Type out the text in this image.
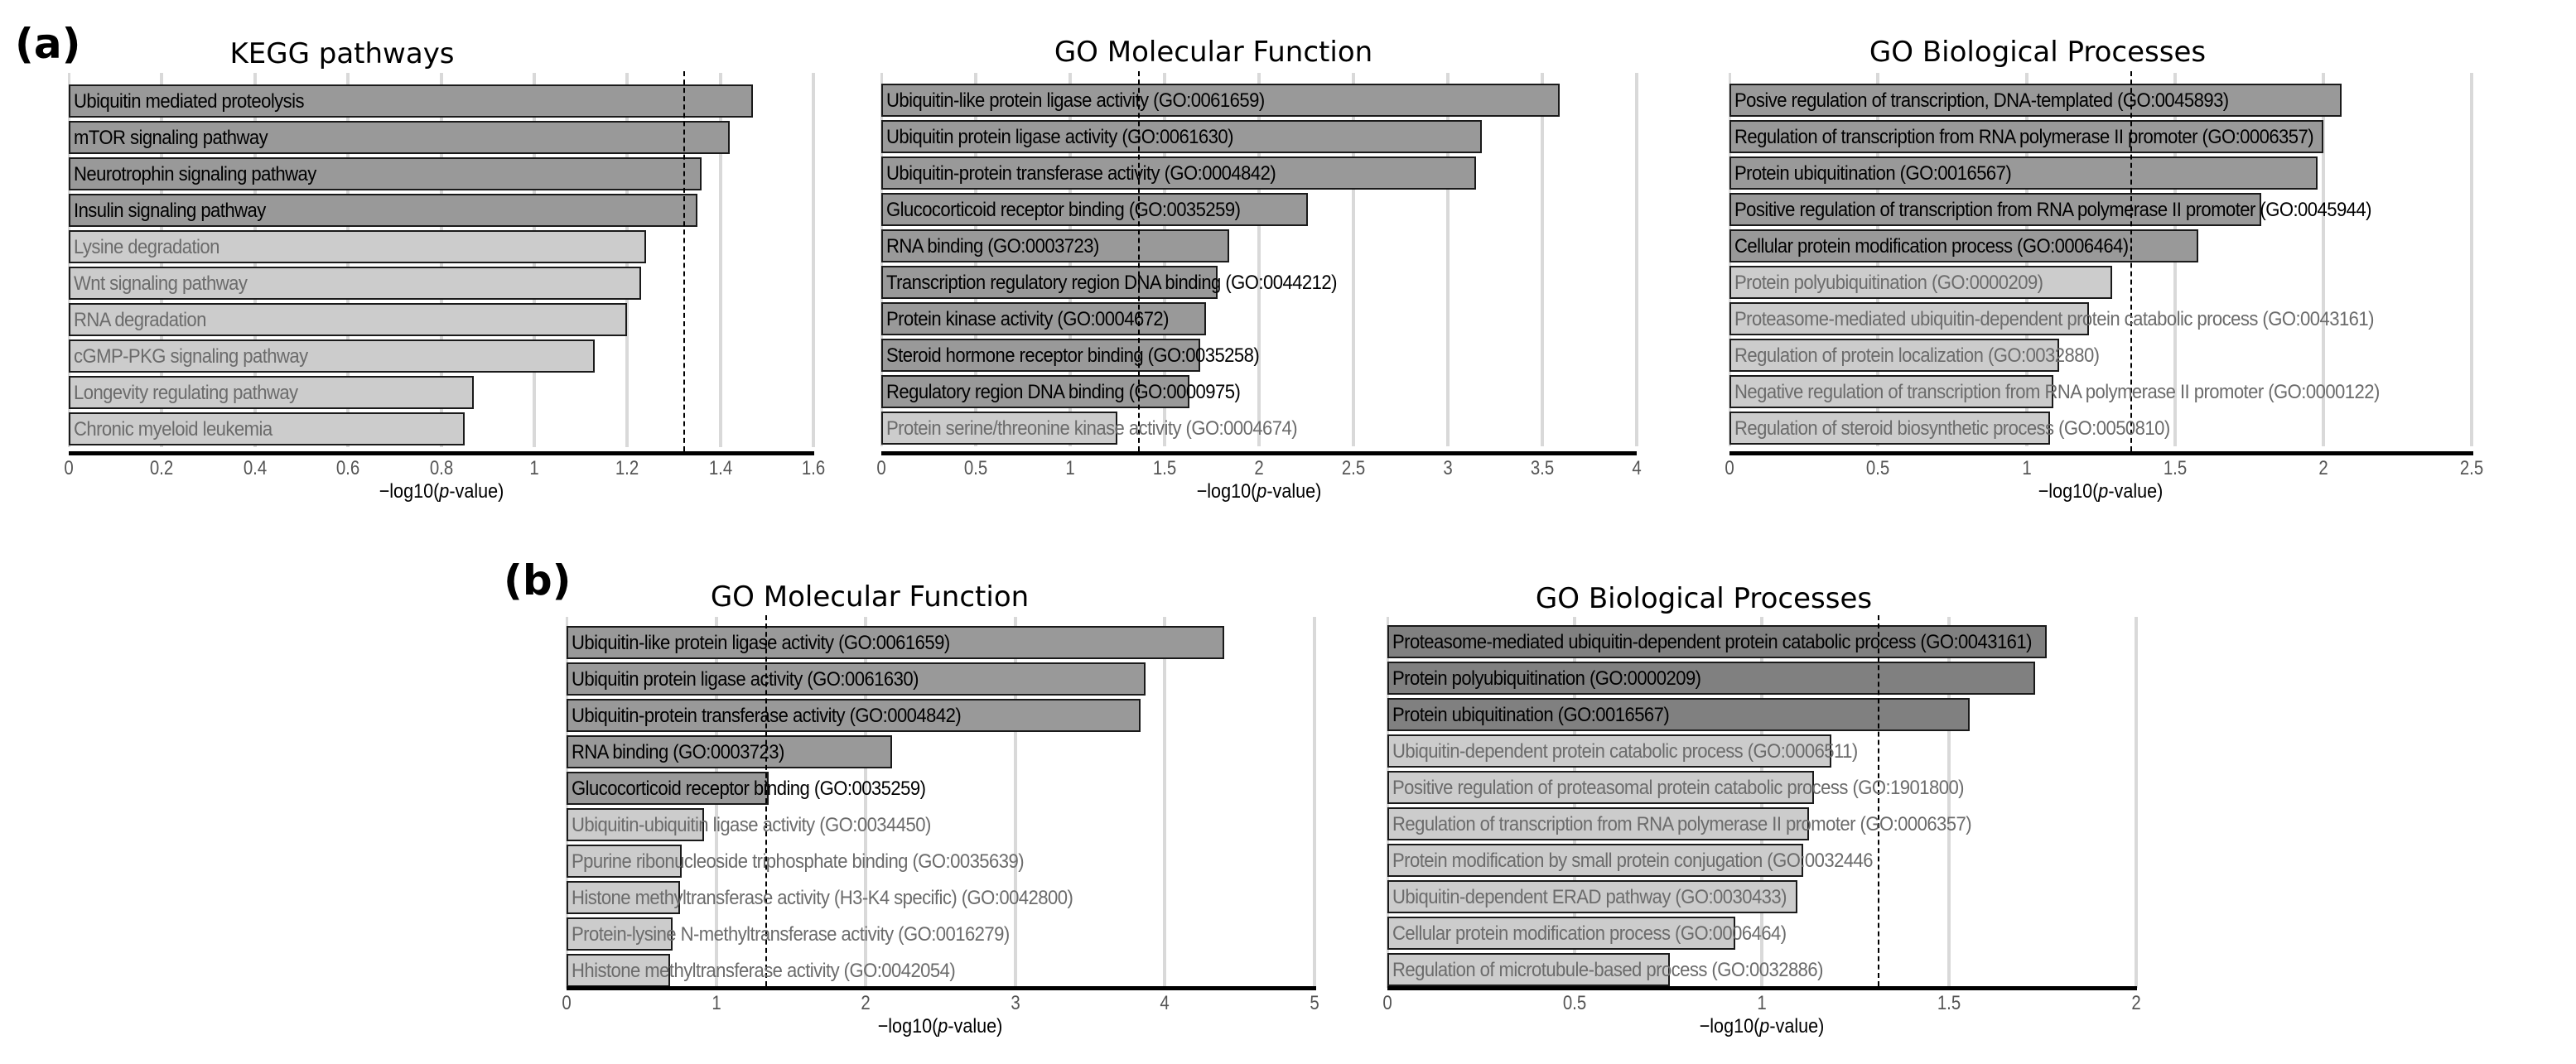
(a)
(b)
KEGG pathways
Ubiquitin mediated proteolysis
mTOR signaling pathway
Neurotrophin signaling pathway
Insulin signaling pathway
Lysine degradation
Wnt signaling pathway
RNA degradation
cGMP-PKG signaling pathway
Longevity regulating pathway
Chronic myeloid leukemia
0	0.2	0.4	0.6	0.8	1	1.2	1.4	1.6
−log10(p-value)
GO Molecular Function
Ubiquitin-like protein ligase activity (GO:0061659)
Ubiquitin protein ligase activity (GO:0061630)
Ubiquitin-protein transferase activity (GO:0004842)
Glucocorticoid receptor binding (GO:0035259)
RNA binding (GO:0003723)
Transcription regulatory region DNA binding (GO:0044212)
Protein kinase activity (GO:0004672)
Steroid hormone receptor binding (GO:0035258)
Regulatory region DNA binding (GO:0000975)
Protein serine/threonine kinase activity (GO:0004674)
0	0.5	1	1.5	2	2.5	3	3.5	4
−log10(p-value)
GO Biological Processes
Posive regulation of transcription, DNA-templated (GO:0045893)
Regulation of transcription from RNA polymerase II promoter (GO:0006357)
Protein ubiquitination (GO:0016567)
Positive regulation of transcription from RNA polymerase II promoter (GO:0045944)
Cellular protein modification process (GO:0006464)
Protein polyubiquitination (GO:0000209)
Proteasome-mediated ubiquitin-dependent protein catabolic process (GO:0043161)
Regulation of protein localization (GO:0032880)
Negative regulation of transcription from RNA polymerase II promoter (GO:0000122)
Regulation of steroid biosynthetic process (GO:0050810)
0	0.5	1	1.5	2	2.5
−log10(p-value)
GO Molecular Function
Ubiquitin-like protein ligase activity (GO:0061659)
Ubiquitin protein ligase activity (GO:0061630)
Ubiquitin-protein transferase activity (GO:0004842)
RNA binding (GO:0003723)
Glucocorticoid receptor binding (GO:0035259)
Ubiquitin-ubiquitin ligase activity (GO:0034450)
Ppurine ribonucleoside triphosphate binding (GO:0035639)
Histone methyltransferase activity (H3-K4 specific) (GO:0042800)
Protein-lysine N-methyltransferase activity (GO:0016279)
Hhistone methyltransferase activity (GO:0042054)
0	1	2	3	4	5
−log10(p-value)
GO Biological Processes
Proteasome-mediated ubiquitin-dependent protein catabolic process (GO:0043161)
Protein polyubiquitination (GO:0000209)
Protein ubiquitination (GO:0016567)
Ubiquitin-dependent protein catabolic process (GO:0006511)
Positive regulation of proteasomal protein catabolic process (GO:1901800)
Regulation of transcription from RNA polymerase II promoter (GO:0006357)
Protein modification by small protein conjugation (GO:0032446
Ubiquitin-dependent ERAD pathway (GO:0030433)
Cellular protein modification process (GO:0006464)
Regulation of microtubule-based process (GO:0032886)
0	0.5	1	1.5	2
−log10(p-value)
